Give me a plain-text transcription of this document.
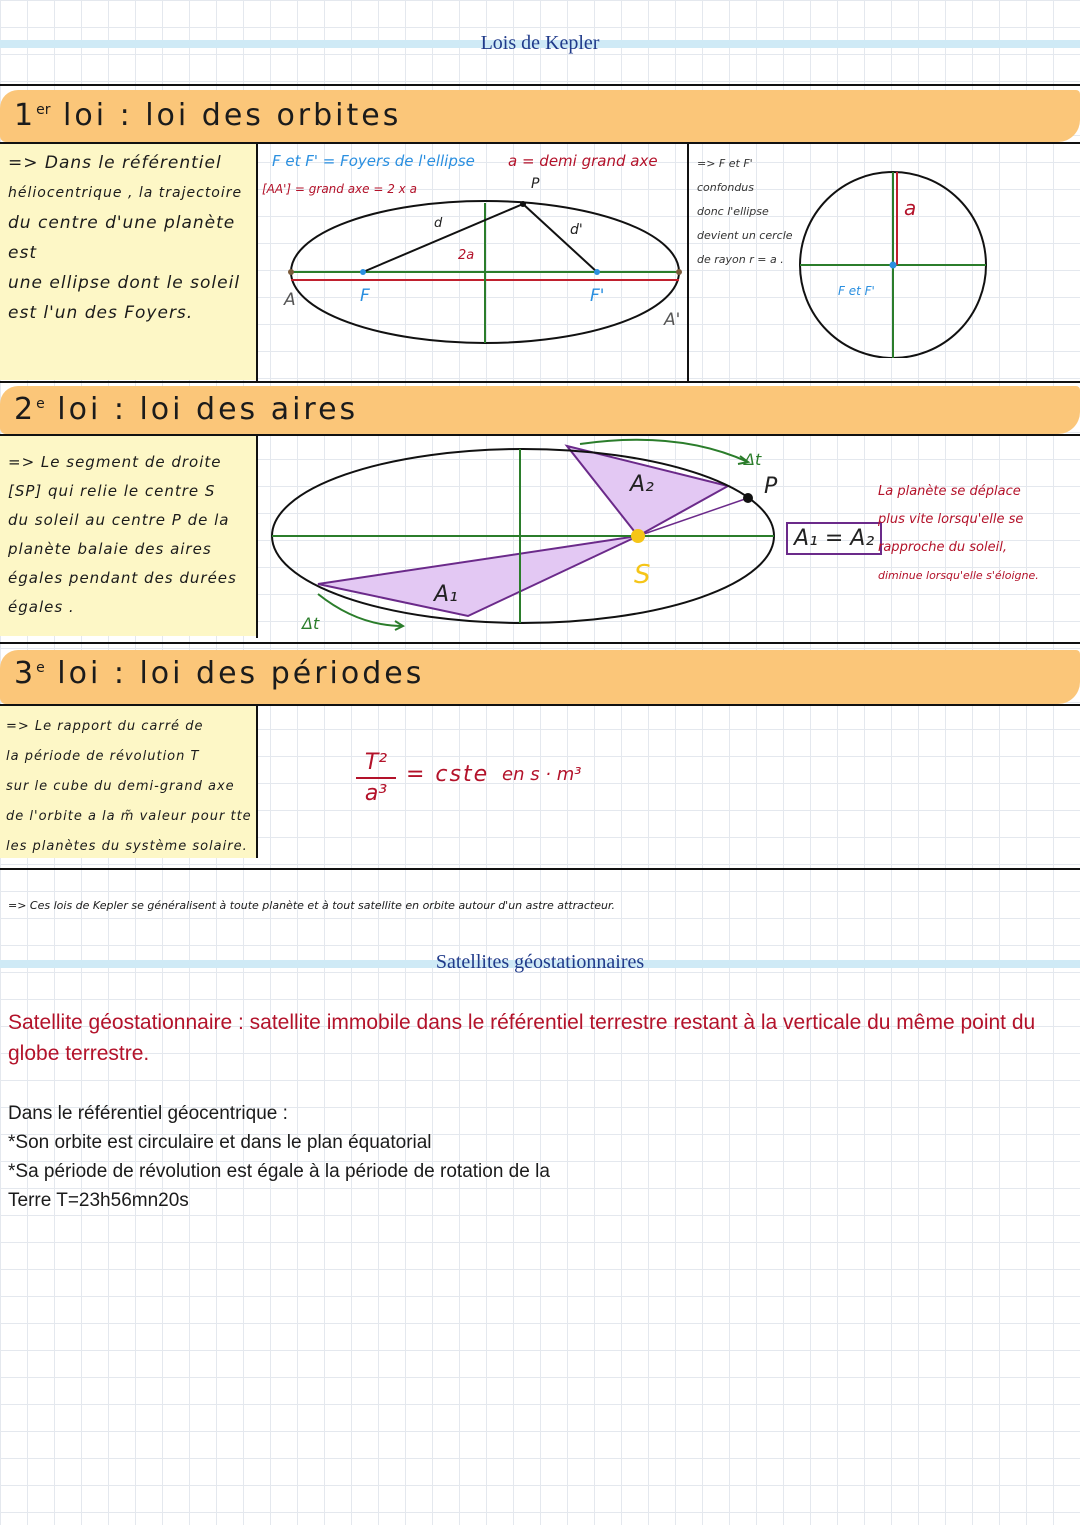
Lois de Kepler
1er loi : loi des orbites
=> Dans le référentiel
héliocentrique , la trajectoire
du centre d'une planète est
une ellipse dont le soleil
est l'un des Foyers.
F et F' = Foyers de l'ellipse a = demi grand axe
[AA'] = grand axe = 2 x a	P
d	d'
2a
A	F	F'
A'
=> F et F' confondus
donc l'ellipse
devient un cercle
de rayon r = a .
a
F et F'
2e loi : loi des aires
=> Le segment de droite
[SP] qui relie le centre S
du soleil au centre P de la
planète balaie des aires
égales pendant des durées
égales .
A₂
A₁
S
P
Δt
Δt
A₁ = A₂
La planète se déplace
plus vite lorsqu'elle se
rapproche du soleil,
diminue lorsqu'elle s'éloigne.
3e loi : loi des périodes
=> Le rapport du carré de
la période de révolution T
sur le cube du demi-grand axe
de l'orbite a la m̃ valeur pour tte
les planètes du système solaire.
T²
a³
= cste en s · m³
=> Ces lois de Kepler se généralisent à toute planète et à tout satellite en orbite autour d'un astre attracteur.
Satellites géostationnaires
Satellite géostationnaire : satellite immobile dans le référentiel terrestre restant à la verticale du même point du globe terrestre.
Dans le référentiel géocentrique :
*Son orbite est circulaire et dans le plan équatorial
*Sa période de révolution est égale à la période de rotation de la
Terre T=23h56mn20s
